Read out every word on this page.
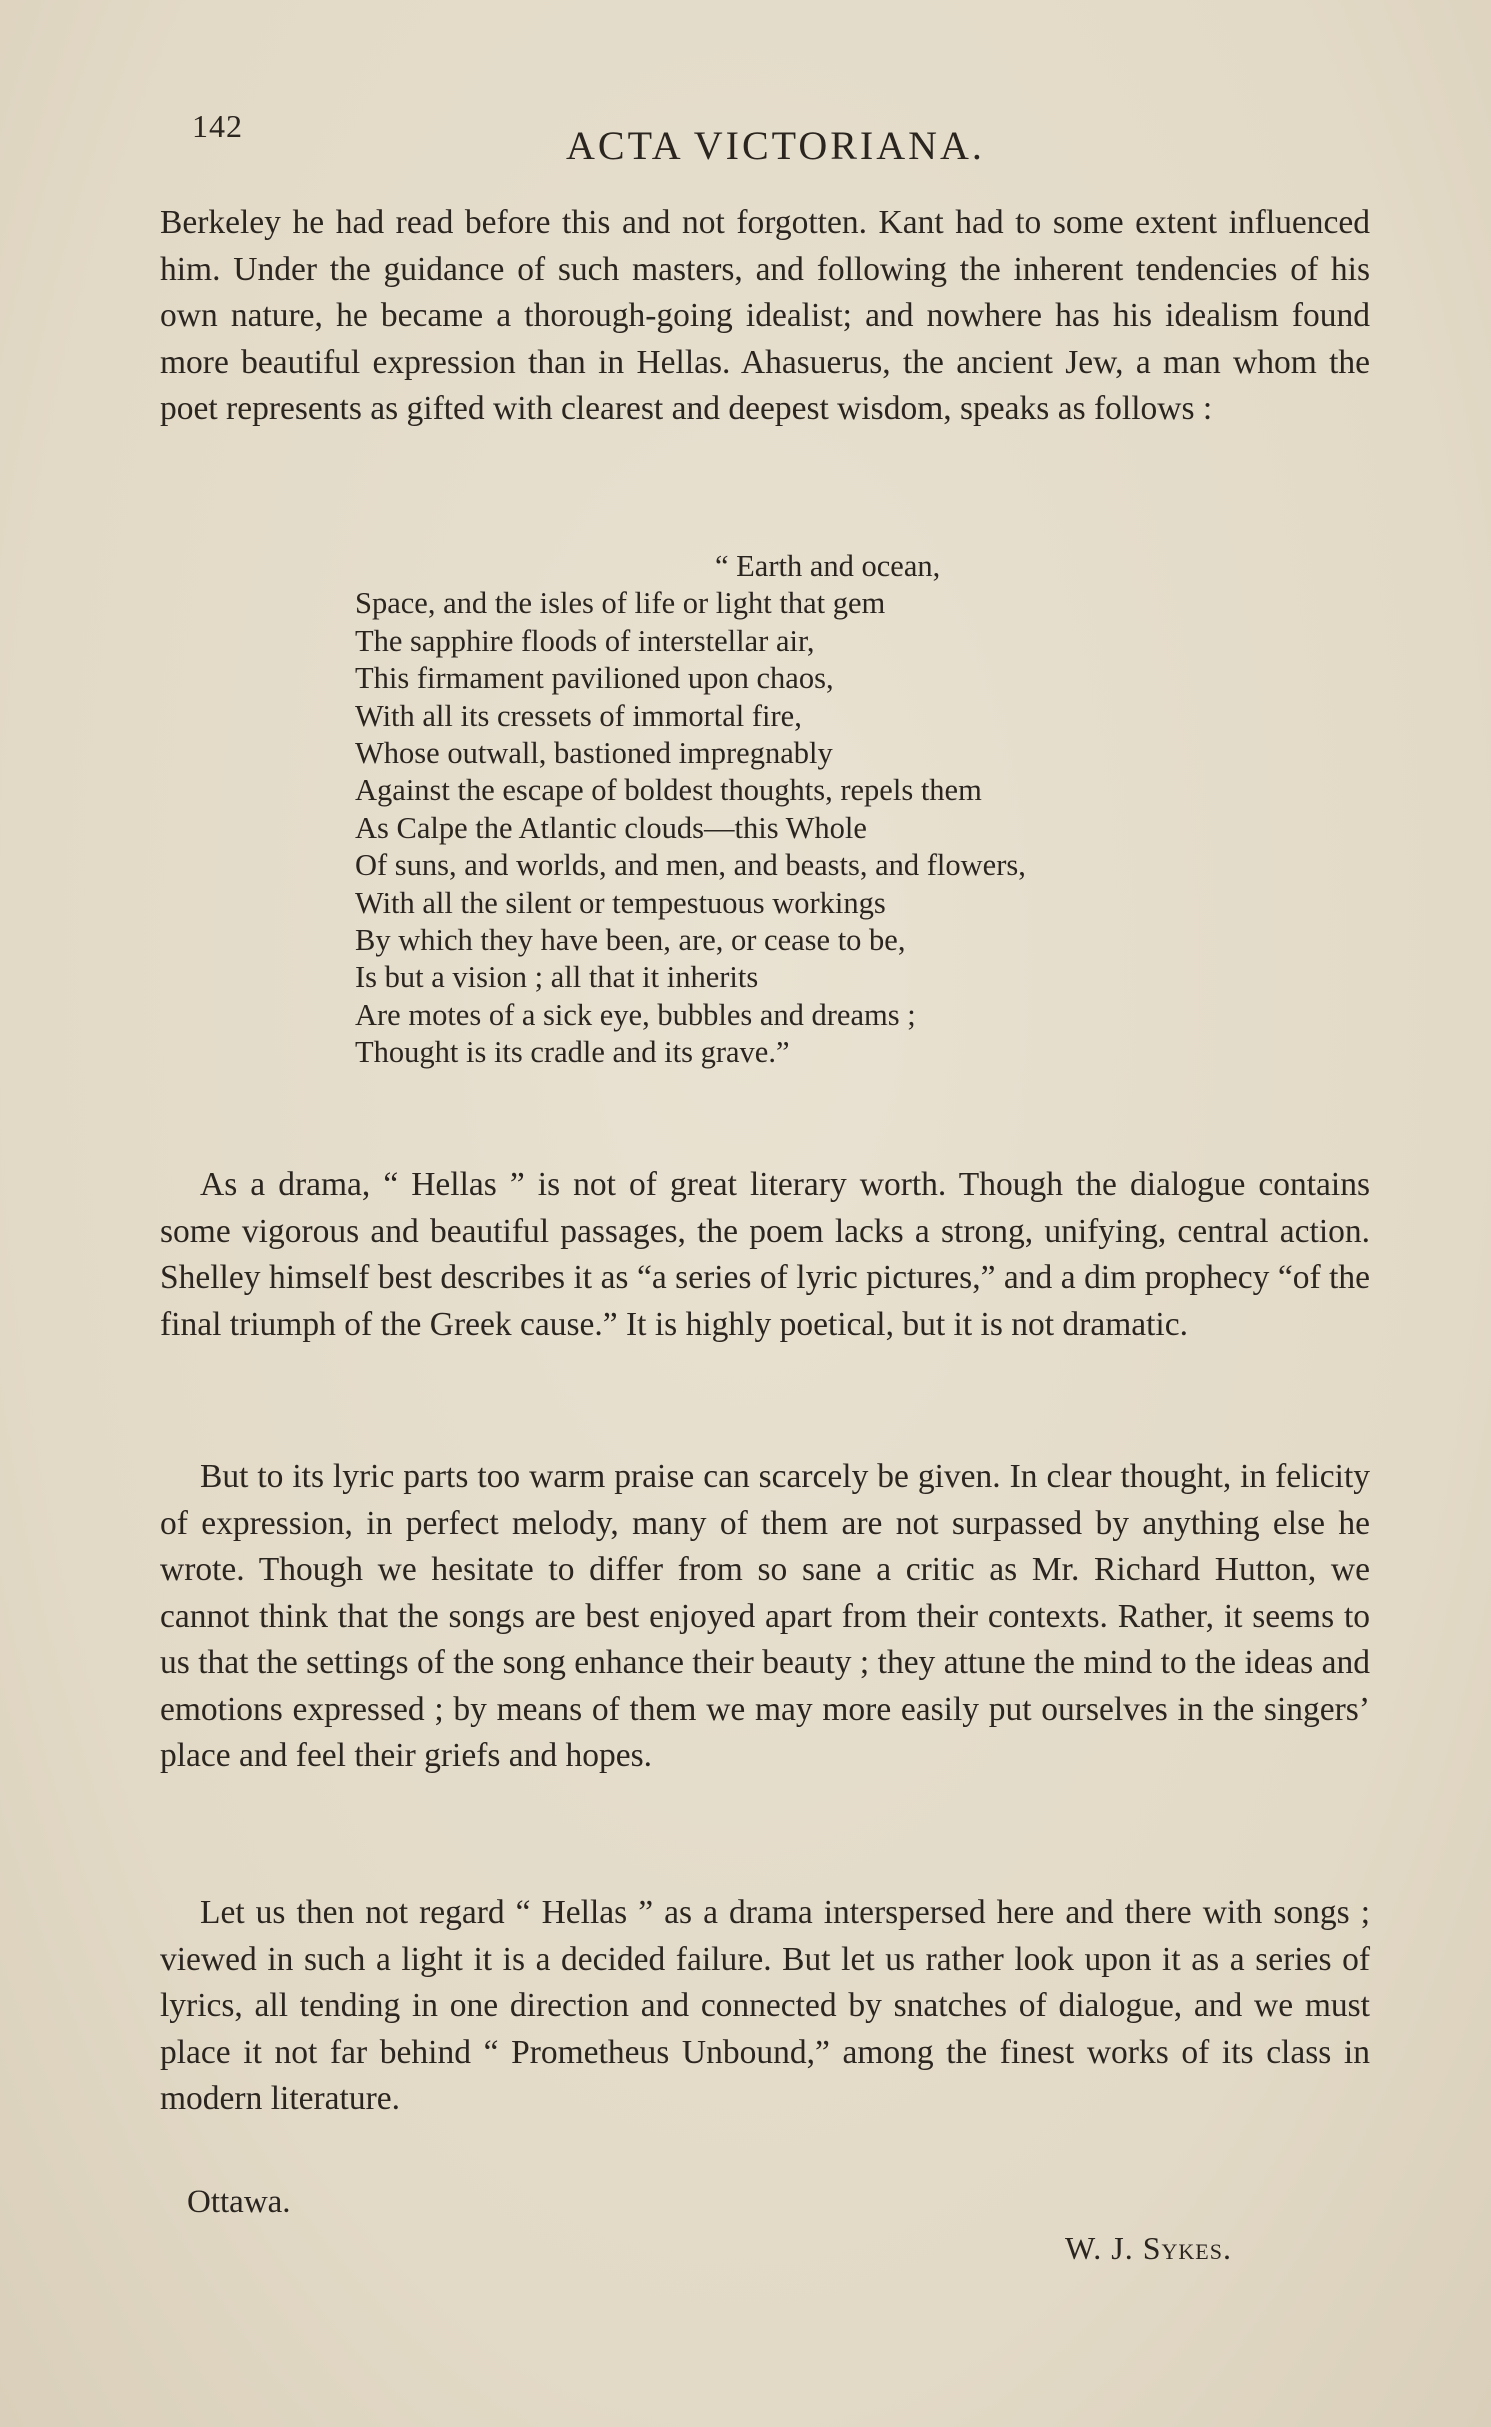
142	ACTA VICTORIANA.

Berkeley he had read before this and not forgotten. Kant had to some extent influenced him. Under the guidance of such masters, and following the inherent tendencies of his own nature, he became a thorough-going idealist; and nowhere has his idealism found more beautiful expression than in Hellas. Ahasuerus, the ancient Jew, a man whom the poet represents as gifted with clearest and deepest wisdom, speaks as follows :

“ Earth and ocean,
Space, and the isles of life or light that gem
The sapphire floods of interstellar air,
This firmament pavilioned upon chaos,
With all its cressets of immortal fire,
Whose outwall, bastioned impregnably
Against the escape of boldest thoughts, repels them
As Calpe the Atlantic clouds—this Whole
Of suns, and worlds, and men, and beasts, and flowers,
With all the silent or tempestuous workings
By which they have been, are, or cease to be,
Is but a vision ; all that it inherits
Are motes of a sick eye, bubbles and dreams ;
Thought is its cradle and its grave.”

As a drama, “ Hellas ” is not of great literary worth. Though the dialogue contains some vigorous and beautiful passages, the poem lacks a strong, unifying, central action. Shelley himself best describes it as “a series of lyric pictures,” and a dim prophecy “of the final triumph of the Greek cause.” It is highly poetical, but it is not dramatic.

But to its lyric parts too warm praise can scarcely be given. In clear thought, in felicity of expression, in perfect melody, many of them are not surpassed by anything else he wrote. Though we hesitate to differ from so sane a critic as Mr. Richard Hutton, we cannot think that the songs are best enjoyed apart from their contexts. Rather, it seems to us that the settings of the song enhance their beauty ; they attune the mind to the ideas and emotions expressed ; by means of them we may more easily put ourselves in the singers’ place and feel their griefs and hopes.

Let us then not regard “ Hellas ” as a drama interspersed here and there with songs ; viewed in such a light it is a decided failure. But let us rather look upon it as a series of lyrics, all tending in one direction and connected by snatches of dialogue, and we must place it not far behind “ Prometheus Unbound,” among the finest works of its class in modern literature.

Ottawa.
W. J. Sykes.
